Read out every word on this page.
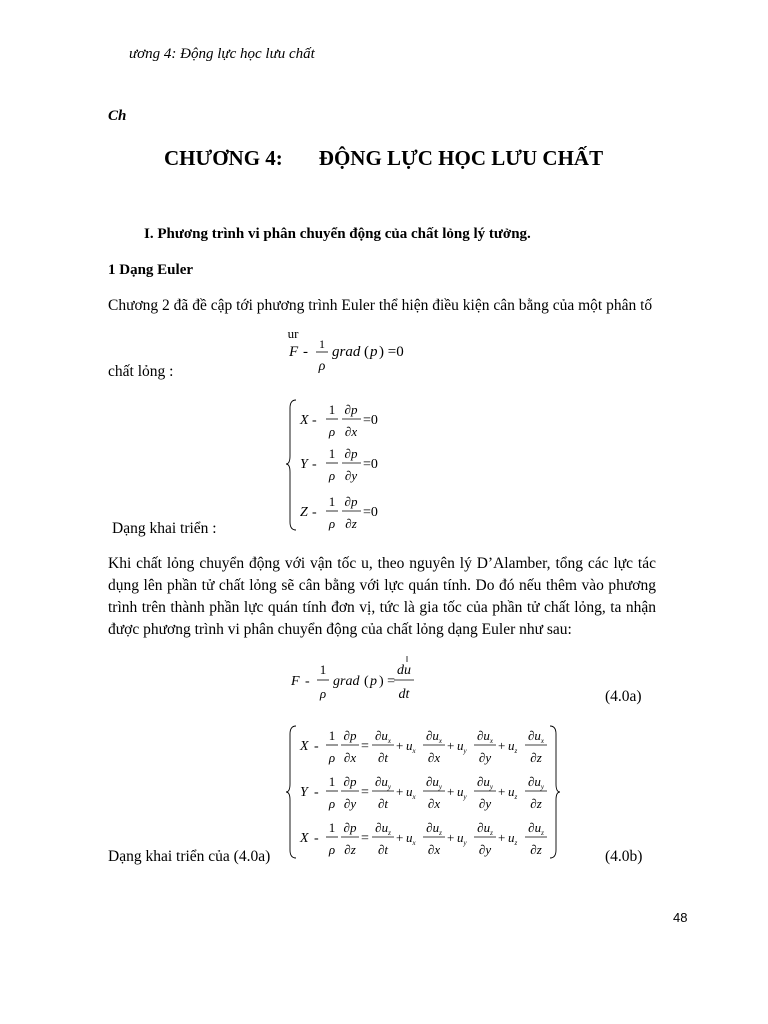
ương 4: Động lực học lưu chất
Ch
CHƯƠNG 4: ĐỘNG LỰC HỌC LƯU CHẤT
I. Phương trình vi phân chuyển động của chất lỏng lý tưởng.
1 Dạng Euler
Chương 2 đã đề cập tới phương trình Euler thể hiện điều kiện cân bằng của một phân tố
ur
F - 1
ρ
grad ( p ) =0
chất lỏng :
X -
1
ρ
∂p
∂x
=0
Y -
1
ρ
∂p
∂y
=0
Z -
1
ρ
∂p
∂z
=0
Dạng khai triển :
Khi chất lỏng chuyển động với vận tốc u, theo nguyên lý D’Alamber, tổng các lực tác dụng lên phần tử chất lỏng sẽ cân bằng với lực quán tính. Do đó nếu thêm vào phương trình trên thành phần lực quán tính đơn vị, tức là gia tốc của phần tử chất lỏng, ta nhận được phương trình vi phân chuyển động của chất lỏng dạng Euler như sau:
F -
1
ρ
grad ( p ) =
du
dt	(4.0a)
X -
1
ρ
∂p
∂x
=
$\partial u_x$
∂t
+ $u_x$
$\partial u_x$
∂x
+ $u_y$
$\partial u_x$
∂y
+ $u_z$
$\partial u_x$
∂z
Y -
1
ρ
∂p
∂y
=
$\partial u_y$
∂t
+ $u_x$
$\partial u_y$
∂x
+ $u_y$
$\partial u_y$
∂y
+ $u_z$
$\partial u_y$
∂z
X -
1
ρ
∂p
∂z
=
$\partial u_z$
∂t
+ $u_x$
$\partial u_z$
∂x
+ $u_y$
$\partial u_z$
∂y
+ $u_z$
$\partial u_z$
∂z
Dạng khai triển của (4.0a)	(4.0b)
48
